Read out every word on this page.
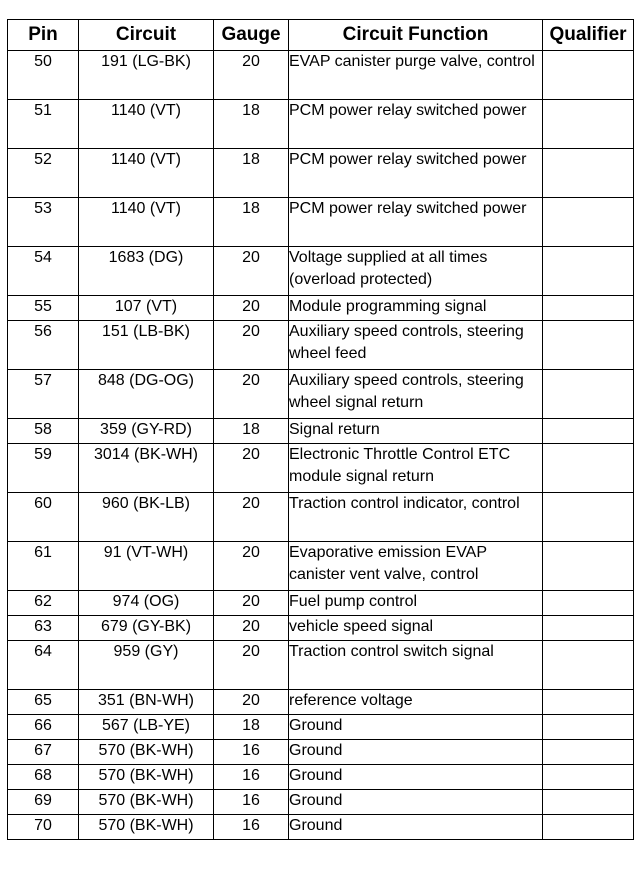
Pin	Circuit	Gauge	Circuit Function	Qualifier
50	191 (LG-BK)	20	EVAP canister purge valve, control	
51	1140 (VT)	18	PCM power relay switched power	
52	1140 (VT)	18	PCM power relay switched power	
53	1140 (VT)	18	PCM power relay switched power	
54	1683 (DG)	20	Voltage supplied at all times (overload protected)	
55	107 (VT)	20	Module programming signal	
56	151 (LB-BK)	20	Auxiliary speed controls, steering wheel feed	
57	848 (DG-OG)	20	Auxiliary speed controls, steering wheel signal return	
58	359 (GY-RD)	18	Signal return	
59	3014 (BK-WH)	20	Electronic Throttle Control ETC module signal return	
60	960 (BK-LB)	20	Traction control indicator, control	
61	91 (VT-WH)	20	Evaporative emission EVAP canister vent valve, control	
62	974 (OG)	20	Fuel pump control	
63	679 (GY-BK)	20	vehicle speed signal	
64	959 (GY)	20	Traction control switch signal	
65	351 (BN-WH)	20	reference voltage	
66	567 (LB-YE)	18	Ground	
67	570 (BK-WH)	16	Ground	
68	570 (BK-WH)	16	Ground	
69	570 (BK-WH)	16	Ground	
70	570 (BK-WH)	16	Ground	
